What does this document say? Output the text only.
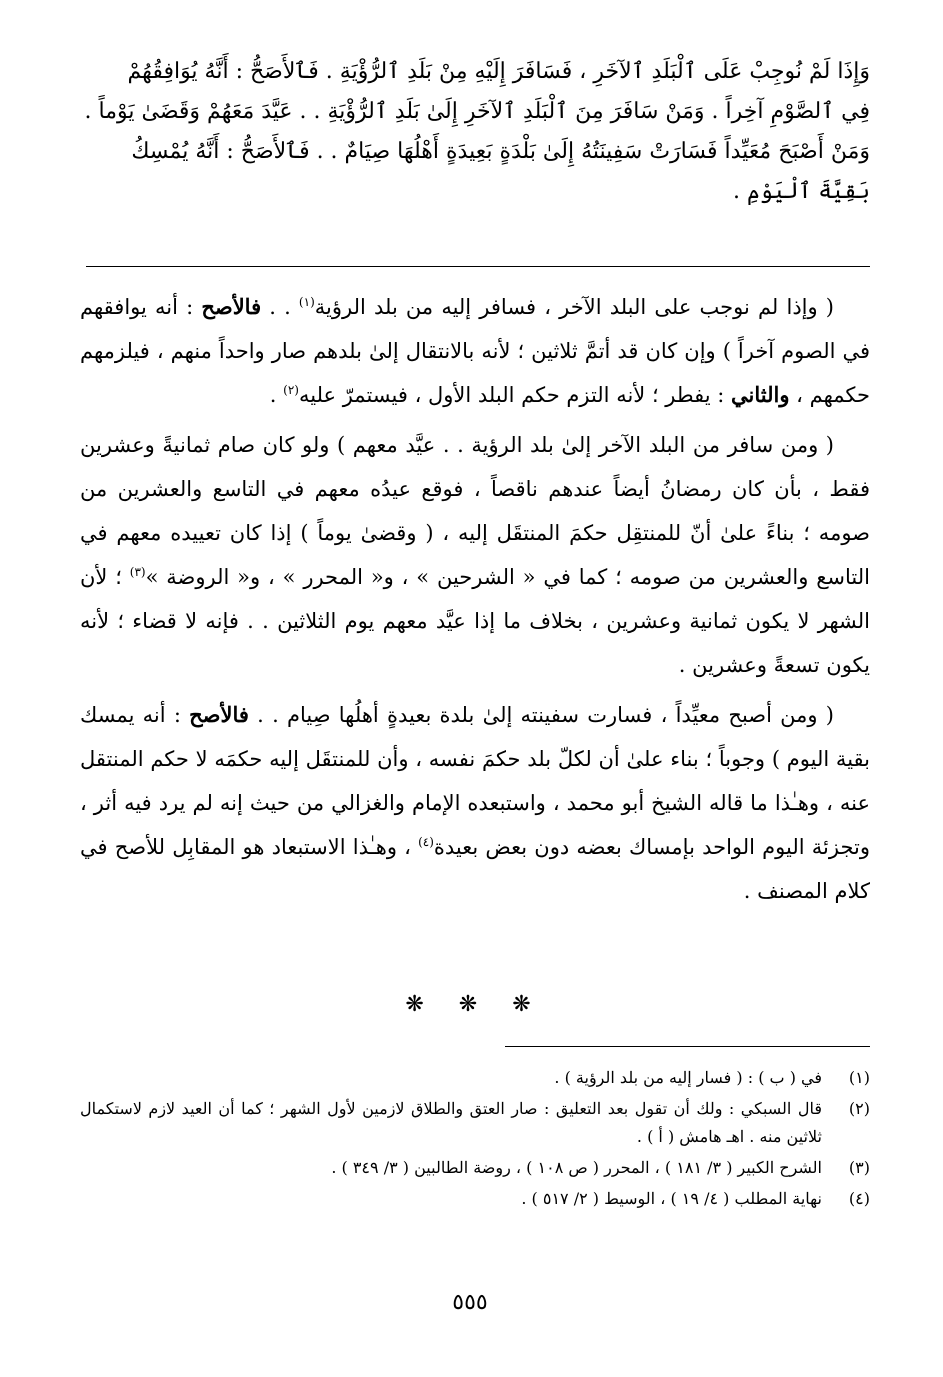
وَإِذَا لَمْ نُوجِبْ عَلَى ٱلْبَلَدِ ٱلآخَرِ ، فَسَافَرَ إِلَيْهِ مِنْ بَلَدِ ٱلرُّؤْيَةِ . فَٱلأَصَحُّ : أَنَّهُ يُوَافِقُهُمْ

فِي ٱلصَّوْمِ آخِراً . وَمَنْ سَافَرَ مِنَ ٱلْبَلَدِ ٱلآخَرِ إِلَىٰ بَلَدِ ٱلرُّؤْيَةِ . . عَيَّدَ مَعَهُمْ وَقَضَىٰ يَوْماً .

وَمَنْ أَصْبَحَ مُعَيِّداً فَسَارَتْ سَفِينَتُهُ إِلَىٰ بَلْدَةٍ بَعِيدَةٍ أَهْلُهَا صِيَامٌ . . فَٱلأَصَحُّ : أَنَّهُ يُمْسِكُ

بَقِيَّةَ ٱلْيَوْمِ .

( وإذا لم نوجب على البلد الآخر ، فسافر إليه من بلد الرؤية$^{(١)}$ . . فالأصح : أنه يوافقهم في الصوم آخراً ) وإن كان قد أتمَّ ثلاثين ؛ لأنه بالانتقال إلىٰ بلدهم صار واحداً منهم ، فيلزمهم حكمهم ، والثاني : يفطر ؛ لأنه التزم حكم البلد الأول ، فيستمرّ عليه$^{(٢)}$ .

( ومن سافر من البلد الآخر إلىٰ بلد الرؤية . . عيَّد معهم ) ولو كان صام ثمانيةً وعشرين فقط ، بأن كان رمضانُ أيضاً عندهم ناقصاً ، فوقع عيدُه معهم في التاسع والعشرين من صومه ؛ بناءً علىٰ أنّ للمنتقِل حكمَ المنتقَل إليه ، ( وقضىٰ يوماً ) إذا كان تعييده معهم في التاسع والعشرين من صومه ؛ كما في « الشرحين » ، و« المحرر » ، و« الروضة »$^{(٣)}$ ؛ لأن الشهر لا يكون ثمانية وعشرين ، بخلاف ما إذا عيَّد معهم يوم الثلاثين . . فإنه لا قضاء ؛ لأنه يكون تسعةً وعشرين .

( ومن أصبح معيِّداً ، فسارت سفينته إلىٰ بلدة بعيدةٍ أهلُها صِيام . . فالأصح : أنه يمسك بقية اليوم ) وجوباً ؛ بناء علىٰ أن لكلّ بلد حكمَ نفسه ، وأن للمنتقَل إليه حكمَه لا حكم المنتقل عنه ، وهـٰذا ما قاله الشيخ أبو محمد ، واستبعده الإمام والغزالي من حيث إنه لم يرد فيه أثر ، وتجزئة اليوم الواحد بإمساك بعضه دون بعض بعيدة$^{(٤)}$ ، وهـٰذا الاستبعاد هو المقابِل للأصح في كلام المصنف .

❋ ❋ ❋
(١)
في ( ب ) : ( فسار إليه من بلد الرؤية ) .
(٢)
قال السبكي : ولك أن تقول بعد التعليق : صار العتق والطلاق لازمين لأول الشهر ؛ كما أن العيد لازم لاستكمال ثلاثين منه . اهـ هامش ( أ ) .
(٣)
الشرح الكبير ( ٣/ ١٨١ ) ، المحرر ( ص ١٠٨ ) ، روضة الطالبين ( ٣/ ٣٤٩ ) .
(٤)
نهاية المطلب ( ٤/ ١٩ ) ، الوسيط ( ٢/ ٥١٧ ) .
٥٥٥
